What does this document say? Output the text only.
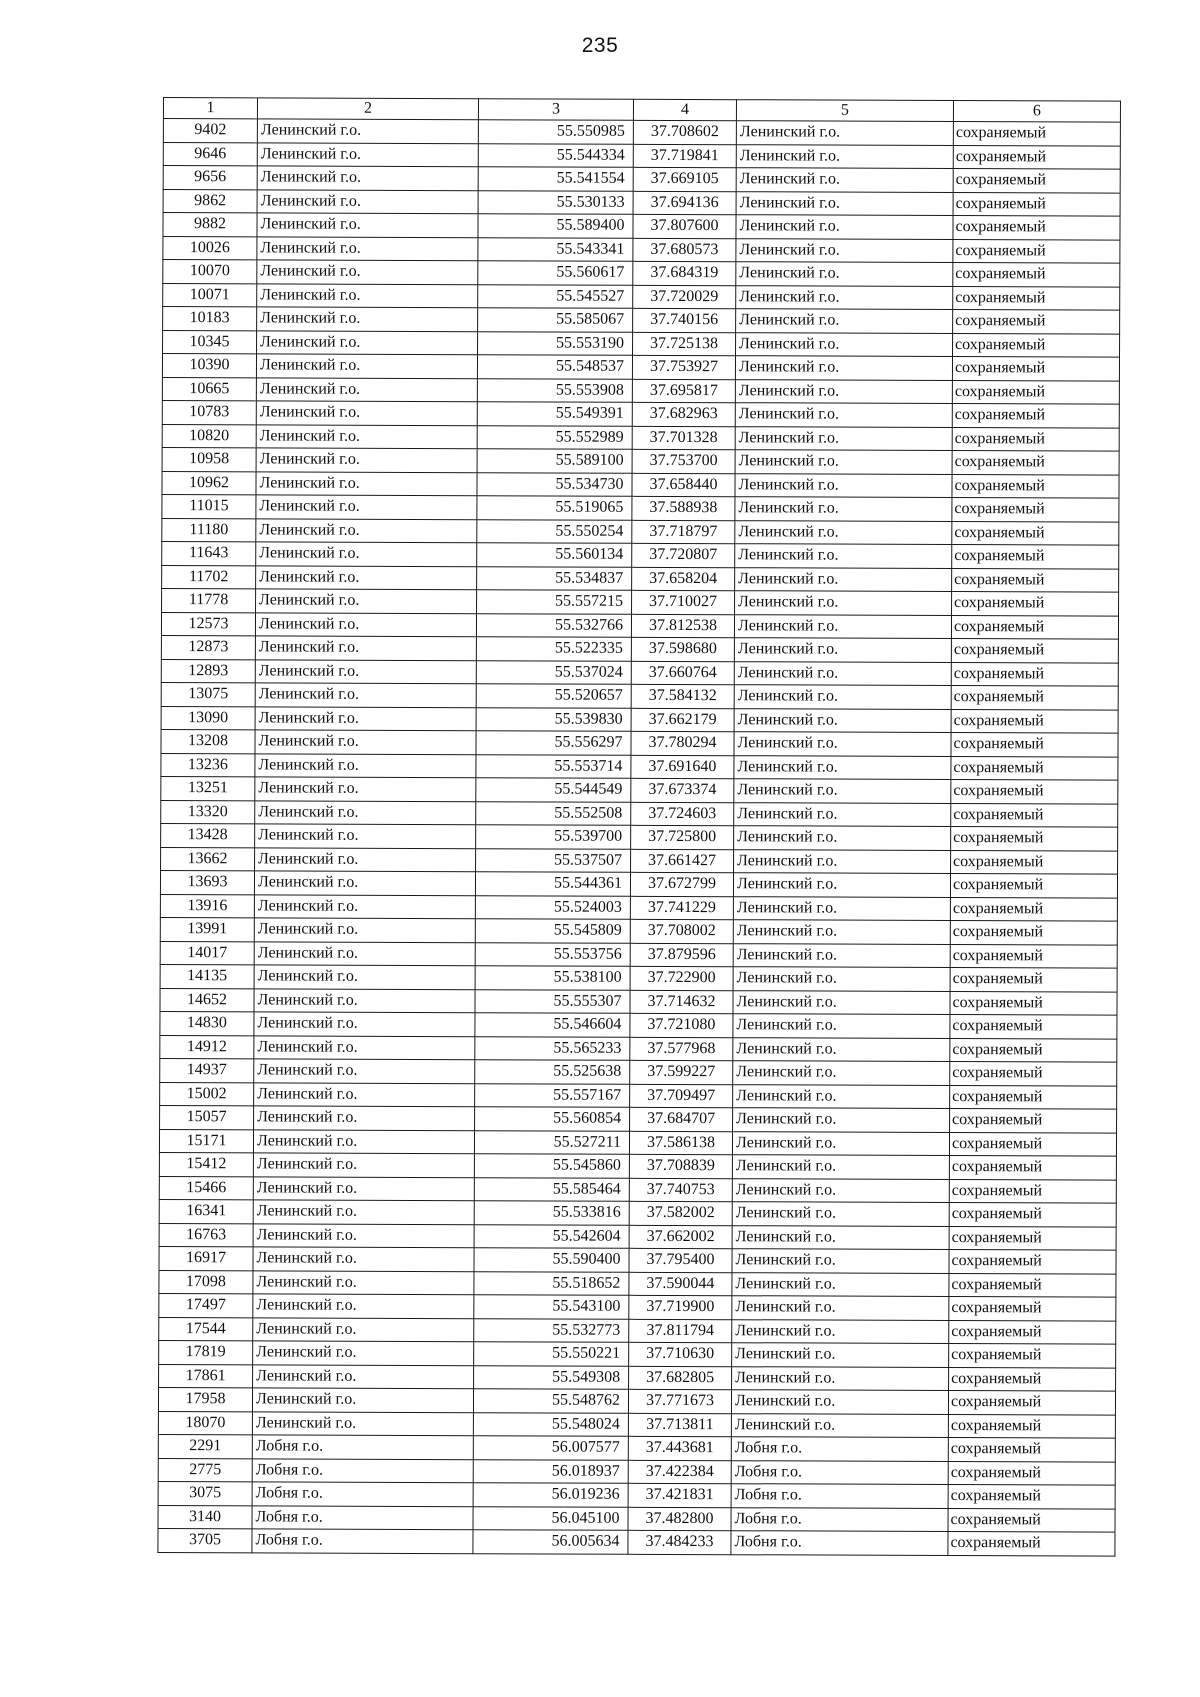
235
1	2	3	4	5	6
9402	Ленинский г.о.	55.550985	37.708602	Ленинский г.о.	сохраняемый
9646	Ленинский г.о.	55.544334	37.719841	Ленинский г.о.	сохраняемый
9656	Ленинский г.о.	55.541554	37.669105	Ленинский г.о.	сохраняемый
9862	Ленинский г.о.	55.530133	37.694136	Ленинский г.о.	сохраняемый
9882	Ленинский г.о.	55.589400	37.807600	Ленинский г.о.	сохраняемый
10026	Ленинский г.о.	55.543341	37.680573	Ленинский г.о.	сохраняемый
10070	Ленинский г.о.	55.560617	37.684319	Ленинский г.о.	сохраняемый
10071	Ленинский г.о.	55.545527	37.720029	Ленинский г.о.	сохраняемый
10183	Ленинский г.о.	55.585067	37.740156	Ленинский г.о.	сохраняемый
10345	Ленинский г.о.	55.553190	37.725138	Ленинский г.о.	сохраняемый
10390	Ленинский г.о.	55.548537	37.753927	Ленинский г.о.	сохраняемый
10665	Ленинский г.о.	55.553908	37.695817	Ленинский г.о.	сохраняемый
10783	Ленинский г.о.	55.549391	37.682963	Ленинский г.о.	сохраняемый
10820	Ленинский г.о.	55.552989	37.701328	Ленинский г.о.	сохраняемый
10958	Ленинский г.о.	55.589100	37.753700	Ленинский г.о.	сохраняемый
10962	Ленинский г.о.	55.534730	37.658440	Ленинский г.о.	сохраняемый
11015	Ленинский г.о.	55.519065	37.588938	Ленинский г.о.	сохраняемый
11180	Ленинский г.о.	55.550254	37.718797	Ленинский г.о.	сохраняемый
11643	Ленинский г.о.	55.560134	37.720807	Ленинский г.о.	сохраняемый
11702	Ленинский г.о.	55.534837	37.658204	Ленинский г.о.	сохраняемый
11778	Ленинский г.о.	55.557215	37.710027	Ленинский г.о.	сохраняемый
12573	Ленинский г.о.	55.532766	37.812538	Ленинский г.о.	сохраняемый
12873	Ленинский г.о.	55.522335	37.598680	Ленинский г.о.	сохраняемый
12893	Ленинский г.о.	55.537024	37.660764	Ленинский г.о.	сохраняемый
13075	Ленинский г.о.	55.520657	37.584132	Ленинский г.о.	сохраняемый
13090	Ленинский г.о.	55.539830	37.662179	Ленинский г.о.	сохраняемый
13208	Ленинский г.о.	55.556297	37.780294	Ленинский г.о.	сохраняемый
13236	Ленинский г.о.	55.553714	37.691640	Ленинский г.о.	сохраняемый
13251	Ленинский г.о.	55.544549	37.673374	Ленинский г.о.	сохраняемый
13320	Ленинский г.о.	55.552508	37.724603	Ленинский г.о.	сохраняемый
13428	Ленинский г.о.	55.539700	37.725800	Ленинский г.о.	сохраняемый
13662	Ленинский г.о.	55.537507	37.661427	Ленинский г.о.	сохраняемый
13693	Ленинский г.о.	55.544361	37.672799	Ленинский г.о.	сохраняемый
13916	Ленинский г.о.	55.524003	37.741229	Ленинский г.о.	сохраняемый
13991	Ленинский г.о.	55.545809	37.708002	Ленинский г.о.	сохраняемый
14017	Ленинский г.о.	55.553756	37.879596	Ленинский г.о.	сохраняемый
14135	Ленинский г.о.	55.538100	37.722900	Ленинский г.о.	сохраняемый
14652	Ленинский г.о.	55.555307	37.714632	Ленинский г.о.	сохраняемый
14830	Ленинский г.о.	55.546604	37.721080	Ленинский г.о.	сохраняемый
14912	Ленинский г.о.	55.565233	37.577968	Ленинский г.о.	сохраняемый
14937	Ленинский г.о.	55.525638	37.599227	Ленинский г.о.	сохраняемый
15002	Ленинский г.о.	55.557167	37.709497	Ленинский г.о.	сохраняемый
15057	Ленинский г.о.	55.560854	37.684707	Ленинский г.о.	сохраняемый
15171	Ленинский г.о.	55.527211	37.586138	Ленинский г.о.	сохраняемый
15412	Ленинский г.о.	55.545860	37.708839	Ленинский г.о.	сохраняемый
15466	Ленинский г.о.	55.585464	37.740753	Ленинский г.о.	сохраняемый
16341	Ленинский г.о.	55.533816	37.582002	Ленинский г.о.	сохраняемый
16763	Ленинский г.о.	55.542604	37.662002	Ленинский г.о.	сохраняемый
16917	Ленинский г.о.	55.590400	37.795400	Ленинский г.о.	сохраняемый
17098	Ленинский г.о.	55.518652	37.590044	Ленинский г.о.	сохраняемый
17497	Ленинский г.о.	55.543100	37.719900	Ленинский г.о.	сохраняемый
17544	Ленинский г.о.	55.532773	37.811794	Ленинский г.о.	сохраняемый
17819	Ленинский г.о.	55.550221	37.710630	Ленинский г.о.	сохраняемый
17861	Ленинский г.о.	55.549308	37.682805	Ленинский г.о.	сохраняемый
17958	Ленинский г.о.	55.548762	37.771673	Ленинский г.о.	сохраняемый
18070	Ленинский г.о.	55.548024	37.713811	Ленинский г.о.	сохраняемый
2291	Лобня г.о.	56.007577	37.443681	Лобня г.о.	сохраняемый
2775	Лобня г.о.	56.018937	37.422384	Лобня г.о.	сохраняемый
3075	Лобня г.о.	56.019236	37.421831	Лобня г.о.	сохраняемый
3140	Лобня г.о.	56.045100	37.482800	Лобня г.о.	сохраняемый
3705	Лобня г.о.	56.005634	37.484233	Лобня г.о.	сохраняемый
